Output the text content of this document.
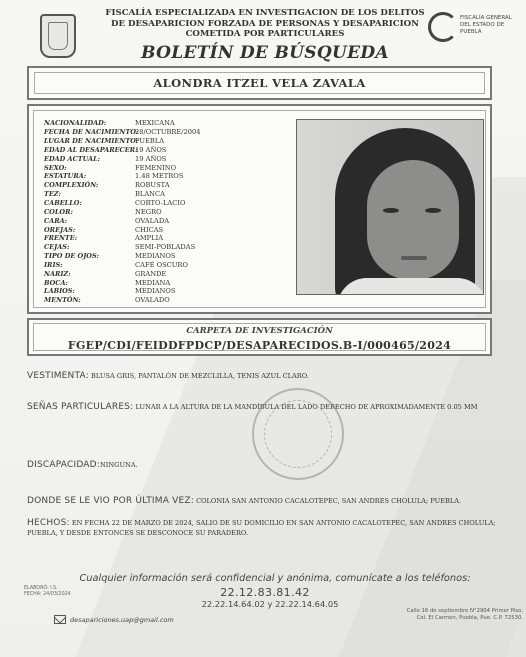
FISCALÍA ESPECIALIZADA EN INVESTIGACION DE LOS DELITOS
DE DESAPARICION FORZADA DE PERSONAS Y DESAPARICION
COMETIDA POR PARTICULARES
BOLETÍN DE BÚSQUEDA
FISCALÍA GENERAL DEL ESTADO DE PUEBLA
ALONDRA ITZEL VELA ZAVALA
NACIONALIDAD:	MEXICANA
FECHA DE NACIMIENTO:
28/OCTUBRE/2004
LUGAR DE NACIMIENTO:
PUEBLA
EDAD AL DESAPARECER:
19 AÑOS
EDAD ACTUAL:	19 AÑOS
SEXO:	FEMENINO
ESTATURA:	1.48 METROS
COMPLEXIÓN:	ROBUSTA
TEZ:	BLANCA
CABELLO:	CORTO-LACIO
COLOR:	NEGRO
CARA:	OVALADA
OREJAS:	CHICAS
FRENTE:	AMPLIA
CEJAS:	SEMI-POBLADAS
TIPO DE OJOS:	MEDIANOS
IRIS:	CAFÉ OSCURO
NARIZ:	GRANDE
BOCA:	MEDIANA
LABIOS:	MEDIANOS
MENTÓN:	OVALADO
CARPETA DE INVESTIGACIÓN
FGEP/CDI/FEIDDFPDCP/DESAPARECIDOS.B-I/000465/2024
VESTIMENTA: BLUSA GRIS, PANTALÓN DE MEZCLILLA, TENIS AZUL CLARO.
SEÑAS PARTICULARES: LUNAR A LA ALTURA DE LA MANDÍBULA DEL LADO DERECHO DE APROXIMADAMENTE 0.05 MM
DISCAPACIDAD:NINGUNA.
DONDE SE LE VIO POR ÚLTIMA VEZ: COLONIA SAN ANTONIO CACALOTEPEC, SAN ANDRES CHOLULA; PUEBLA.
HECHOS: EN FECHA 22 DE MARZO DE 2024, SALIO DE SU DOMICILIO EN SAN ANTONIO CACALOTEPEC, SAN ANDRES CHOLULA; PUEBLA, Y DESDE ENTONCES SE DESCONOCE SU PARADERO.
Cualquier información será confidencial y anónima, comunícate a los teléfonos:
22.12.83.81.42
22.22.14.64.02 y 22.22.14.64.05
ELABORÓ: I.S.
FECHA: 24/03/2024
desapariciones.uap@gmail.com
Calle 16 de septiembre N°2904 Primer Piso,
Col. El Carmen, Puebla, Pue. C.P. 72530.
